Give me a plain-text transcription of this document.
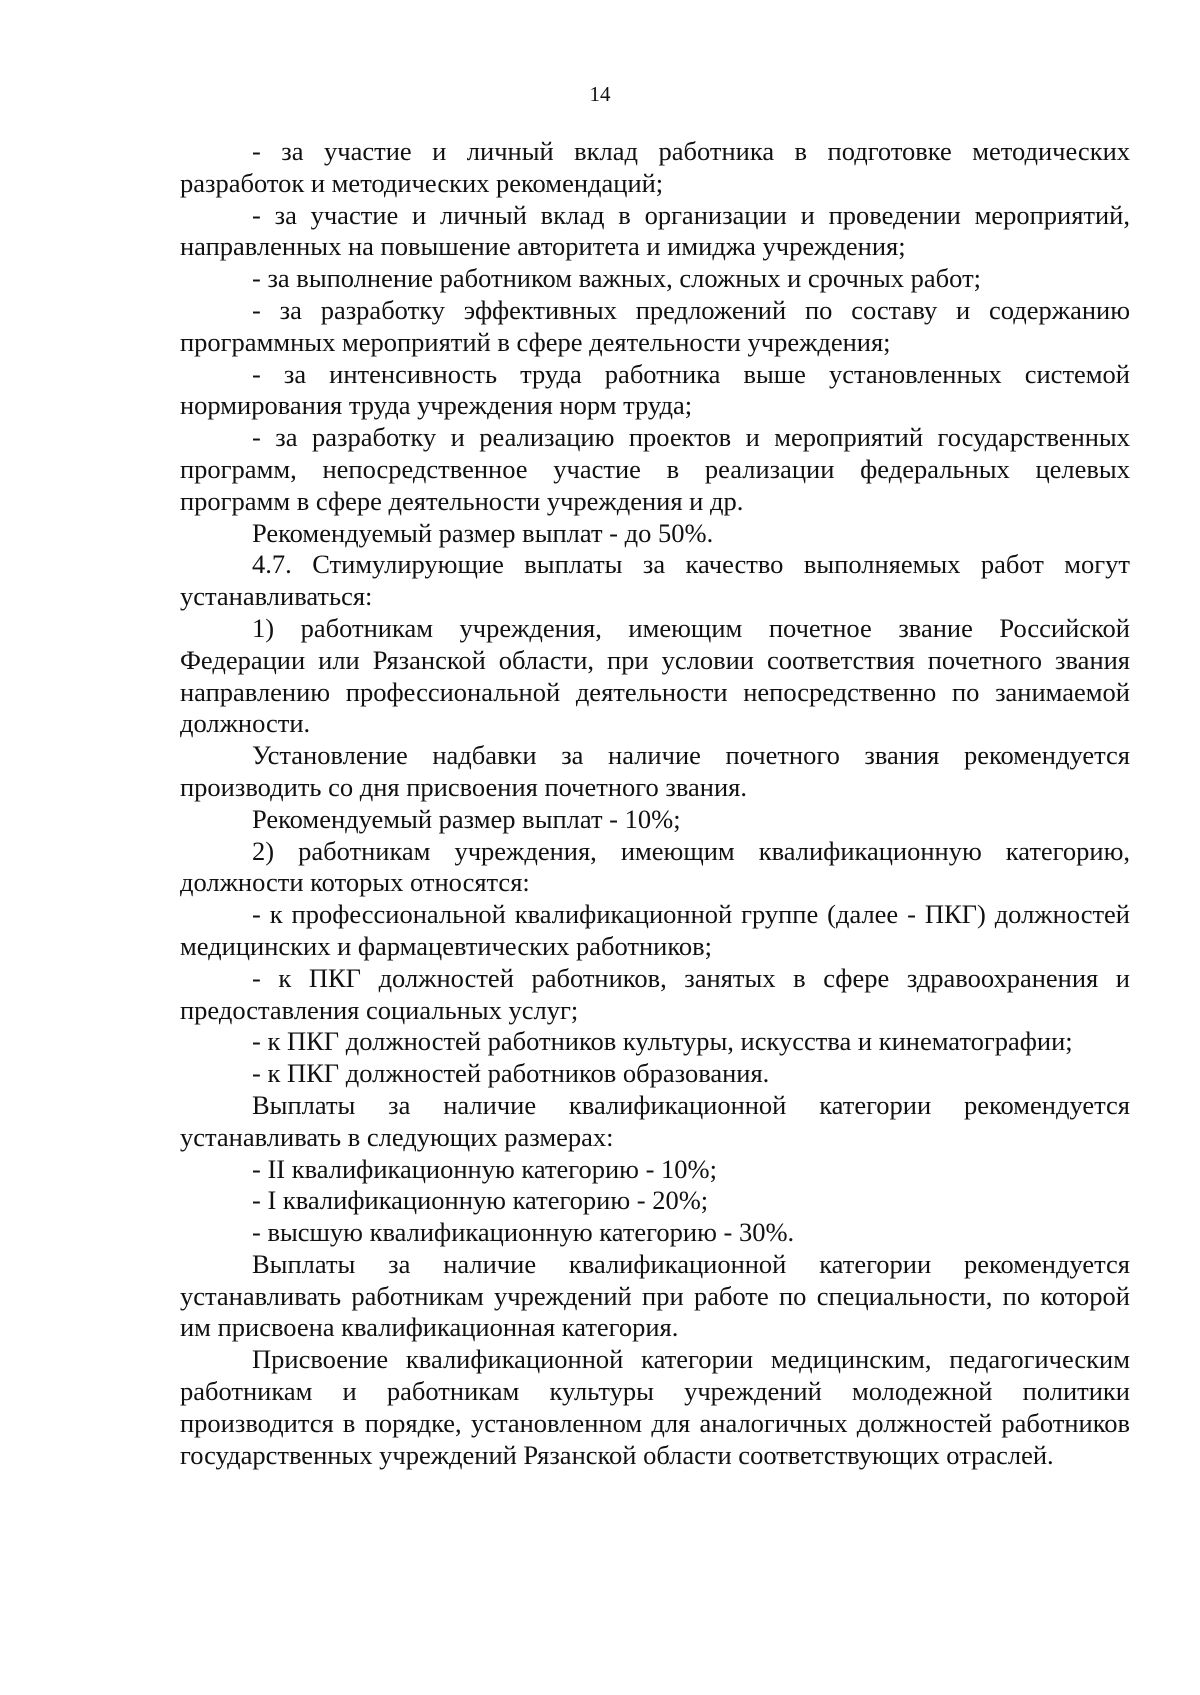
14

- за участие и личный вклад работника в подготовке методических разработок и методических рекомендаций;

- за участие и личный вклад в организации и проведении мероприятий, направленных на повышение авторитета и имиджа учреждения;

- за выполнение работником важных, сложных и срочных работ;

- за разработку эффективных предложений по составу и содержанию программных мероприятий в сфере деятельности учреждения;

- за интенсивность труда работника выше установленных системой нормирования труда учреждения норм труда;

- за разработку и реализацию проектов и мероприятий государственных программ, непосредственное участие в реализации федеральных целевых программ в сфере деятельности учреждения и др.

Рекомендуемый размер выплат - до 50%.

4.7. Стимулирующие выплаты за качество выполняемых работ могут устанавливаться:

1) работникам учреждения, имеющим почетное звание Российской Федерации или Рязанской области, при условии соответствия почетного звания направлению профессиональной деятельности непосредственно по занимаемой должности.

Установление надбавки за наличие почетного звания рекомендуется производить со дня присвоения почетного звания.

Рекомендуемый размер выплат - 10%;

2) работникам учреждения, имеющим квалификационную категорию, должности которых относятся:

- к профессиональной квалификационной группе (далее - ПКГ) должностей медицинских и фармацевтических работников;

- к ПКГ должностей работников, занятых в сфере здравоохранения и предоставления социальных услуг;

- к ПКГ должностей работников культуры, искусства и кинематографии;

- к ПКГ должностей работников образования.

Выплаты за наличие квалификационной категории рекомендуется устанавливать в следующих размерах:

- II квалификационную категорию - 10%;

- I квалификационную категорию - 20%;

- высшую квалификационную категорию - 30%.

Выплаты за наличие квалификационной категории рекомендуется устанавливать работникам учреждений при работе по специальности, по которой им присвоена квалификационная категория.

Присвоение квалификационной категории медицинским, педагогическим работникам и работникам культуры учреждений молодежной политики производится в порядке, установленном для аналогичных должностей работников государственных учреждений Рязанской области соответствующих отраслей.
